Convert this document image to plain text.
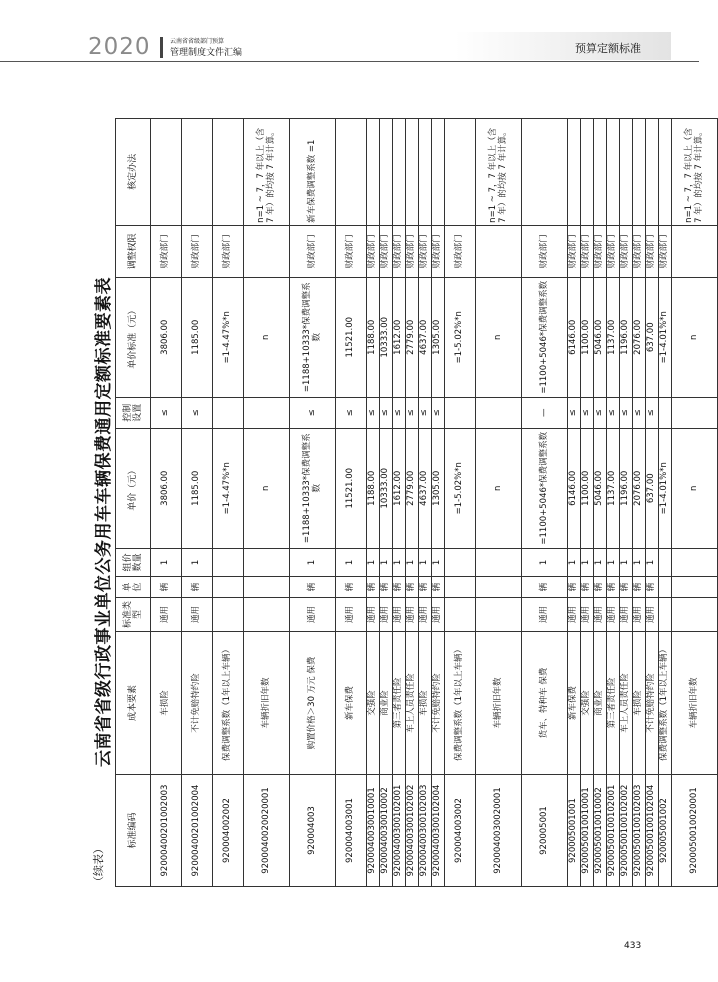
2020	云南省省级部门预算
管理制度文件汇编	预算定额标准
（续表）
云南省省级行政事业单位公务用车车辆保费通用定额标准要素表
标准编码	成本要素	标准类型	单位	组价数量	单价（元）	控制设置	单价标准（元）	调整权限	核定办法
92000400201002003	车损险	通用	辆	1	3806.00	≤	3806.00	财政部门	
92000400201002004	不计免赔特约险	通用	辆	1	1185.00	≤	1185.00	财政部门	
920004002002	保费调整系数（1年以上车辆）				=1-4.47%*n		=1-4.47%*n	财政部门	
9200040020020001	车辆折旧年数				n		n		n=1 ~ 7，7 年以上（含 7 年）的均按 7 年计算。
920004003	购置价格＞30 万元 保费	通用	辆	1	=1188+10333*保费调整系数	≤	=1188+10333*保费调整系数	财政部门	新车保费调整系数 =1
920004003001	新车保费	通用	辆	1	11521.00	≤	11521.00	财政部门	
9200040030010001	交强险	通用	辆	1	1188.00	≤	1188.00	财政部门	
9200040030010002	商业险	通用	辆	1	10333.00	≤	10333.00	财政部门	
92000400300102001	第三者责任险	通用	辆	1	1612.00	≤	1612.00	财政部门	
92000400300102002	车上人员责任险	通用	辆	1	2779.00	≤	2779.00	财政部门	
92000400300102003	车损险	通用	辆	1	4637.00	≤	4637.00	财政部门	
92000400300102004	不计免赔特约险	通用	辆	1	1305.00	≤	1305.00	财政部门	
920004003002	保费调整系数（1年以上车辆）				=1-5.02%*n		=1-5.02%*n	财政部门	
9200040030020001	车辆折旧年数				n		n		n=1 ~ 7，7 年以上（含 7 年）的均按 7 年计算。
920005001	货车、特种车 保费	通用	辆	1	=1100+5046*保费调整系数	—	=1100+5046*保费调整系数	财政部门	
920005001001	新车保费	通用	辆	1	6146.00	≤	6146.00	财政部门	
9200050010010001	交强险	通用	辆	1	1100.00	≤	1100.00	财政部门	
9200050010010002	商业险	通用	辆	1	5046.00	≤	5046.00	财政部门	
92000500100102001	第三者责任险	通用	辆	1	1137.00	≤	1137.00	财政部门	
92000500100102002	车上人员责任险	通用	辆	1	1196.00	≤	1196.00	财政部门	
92000500100102003	车损险	通用	辆	1	2076.00	≤	2076.00	财政部门	
92000500100102004	不计免赔特约险	通用	辆	1	637.00	≤	637.00	财政部门	
920005001002	保费调整系数（1年以上车辆）				=1-4.01%*n		=1-4.01%*n	财政部门	
9200050010020001	车辆折旧年数				n		n		n=1 ~ 7，7 年以上（含 7 年）的均按 7 年计算。
433
